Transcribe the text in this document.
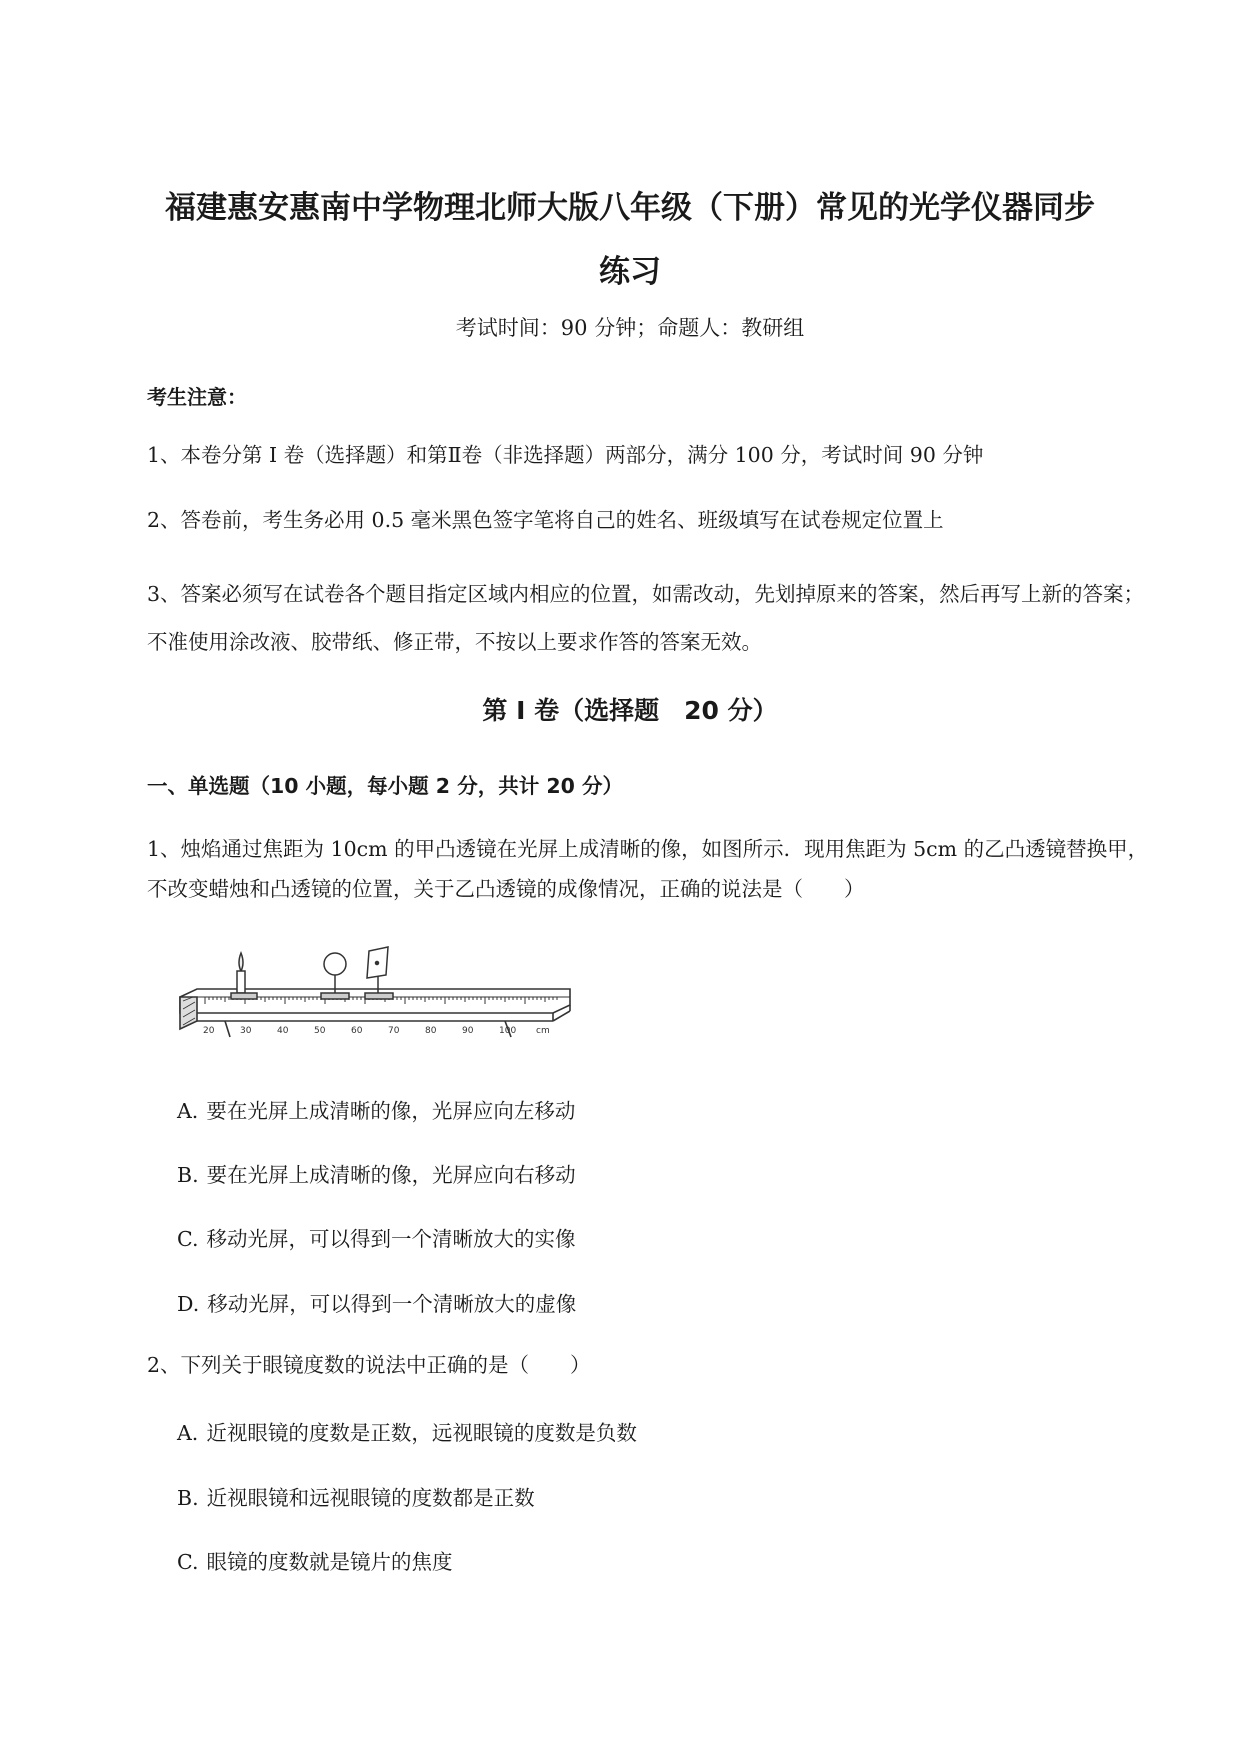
福建惠安惠南中学物理北师大版八年级（下册）常见的光学仪器同步
练习
考试时间：90 分钟；命题人：教研组
考生注意：
1、本卷分第 I 卷（选择题）和第Ⅱ卷（非选择题）两部分，满分 100 分，考试时间 90 分钟
2、答卷前，考生务必用 0.5 毫米黑色签字笔将自己的姓名、班级填写在试卷规定位置上
3、答案必须写在试卷各个题目指定区域内相应的位置，如需改动，先划掉原来的答案，然后再写上新的答案；不准使用涂改液、胶带纸、修正带，不按以上要求作答的答案无效。
第 I 卷（选择题　20 分）
一、单选题（10 小题，每小题 2 分，共计 20 分）
1、烛焰通过焦距为 10cm 的甲凸透镜在光屏上成清晰的像，如图所示．现用焦距为 5cm 的乙凸透镜替换甲，不改变蜡烛和凸透镜的位置，关于乙凸透镜的成像情况，正确的说法是（　　）
20	30	40	50	60	70	80	90	100 cm
A. 要在光屏上成清晰的像，光屏应向左移动
B. 要在光屏上成清晰的像，光屏应向右移动
C. 移动光屏，可以得到一个清晰放大的实像
D. 移动光屏，可以得到一个清晰放大的虚像
2、下列关于眼镜度数的说法中正确的是（　　）
A. 近视眼镜的度数是正数，远视眼镜的度数是负数
B. 近视眼镜和远视眼镜的度数都是正数
C. 眼镜的度数就是镜片的焦度
